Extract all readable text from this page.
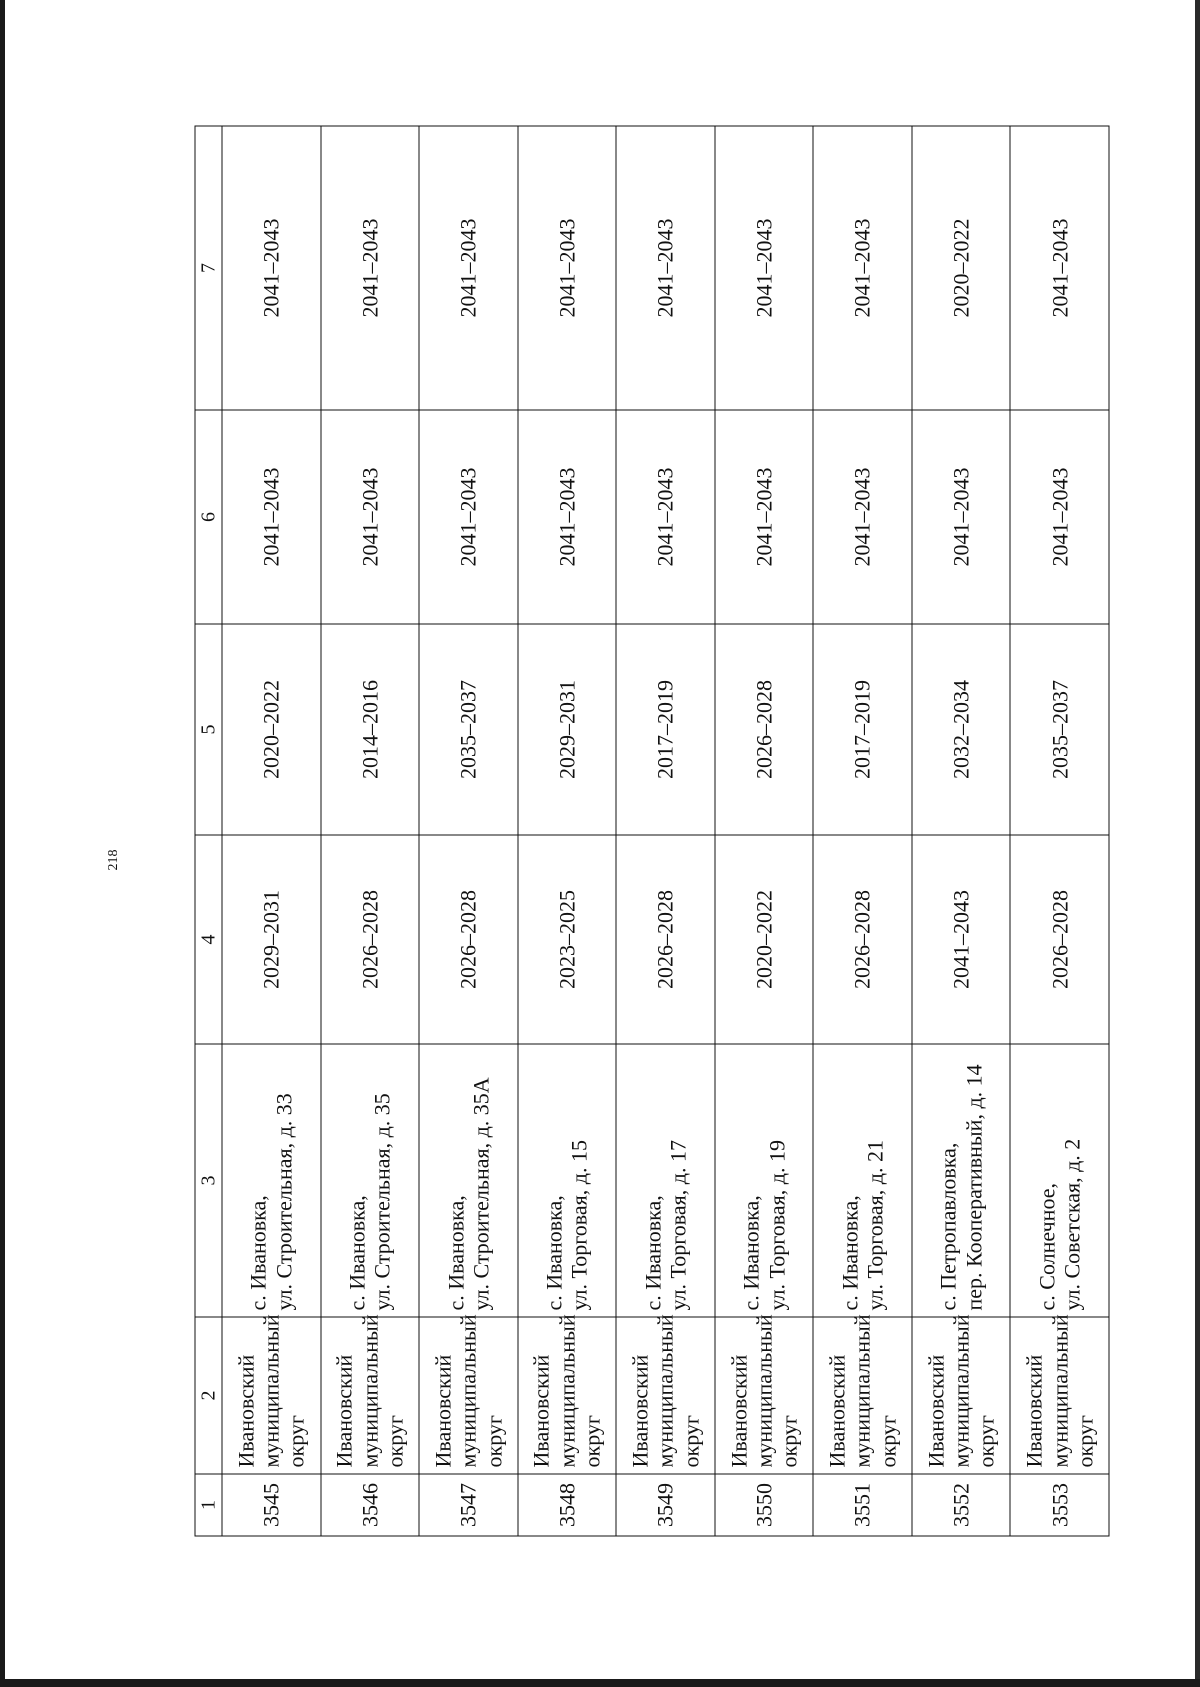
218
1	2	3	4	5	6	7
3545	Ивановский муниципальный округ	с. Ивановка,
ул. Строительная, д. 33	2029–2031	2020–2022	2041–2043	2041–2043
3546	Ивановский муниципальный округ	с. Ивановка,
ул. Строительная, д. 35	2026–2028	2014–2016	2041–2043	2041–2043
3547	Ивановский муниципальный округ	с. Ивановка,
ул. Строительная, д. 35А	2026–2028	2035–2037	2041–2043	2041–2043
3548	Ивановский муниципальный округ	с. Ивановка,
ул. Торговая, д. 15	2023–2025	2029–2031	2041–2043	2041–2043
3549	Ивановский муниципальный округ	с. Ивановка,
ул. Торговая, д. 17	2026–2028	2017–2019	2041–2043	2041–2043
3550	Ивановский муниципальный округ	с. Ивановка,
ул. Торговая, д. 19	2020–2022	2026–2028	2041–2043	2041–2043
3551	Ивановский муниципальный округ	с. Ивановка,
ул. Торговая, д. 21	2026–2028	2017–2019	2041–2043	2041–2043
3552	Ивановский муниципальный округ	с. Петропавловка,
пер. Кооперативный, д. 14	2041–2043	2032–2034	2041–2043	2020–2022
3553	Ивановский муниципальный округ	с. Солнечное,
ул. Советская, д. 2	2026–2028	2035–2037	2041–2043	2041–2043
